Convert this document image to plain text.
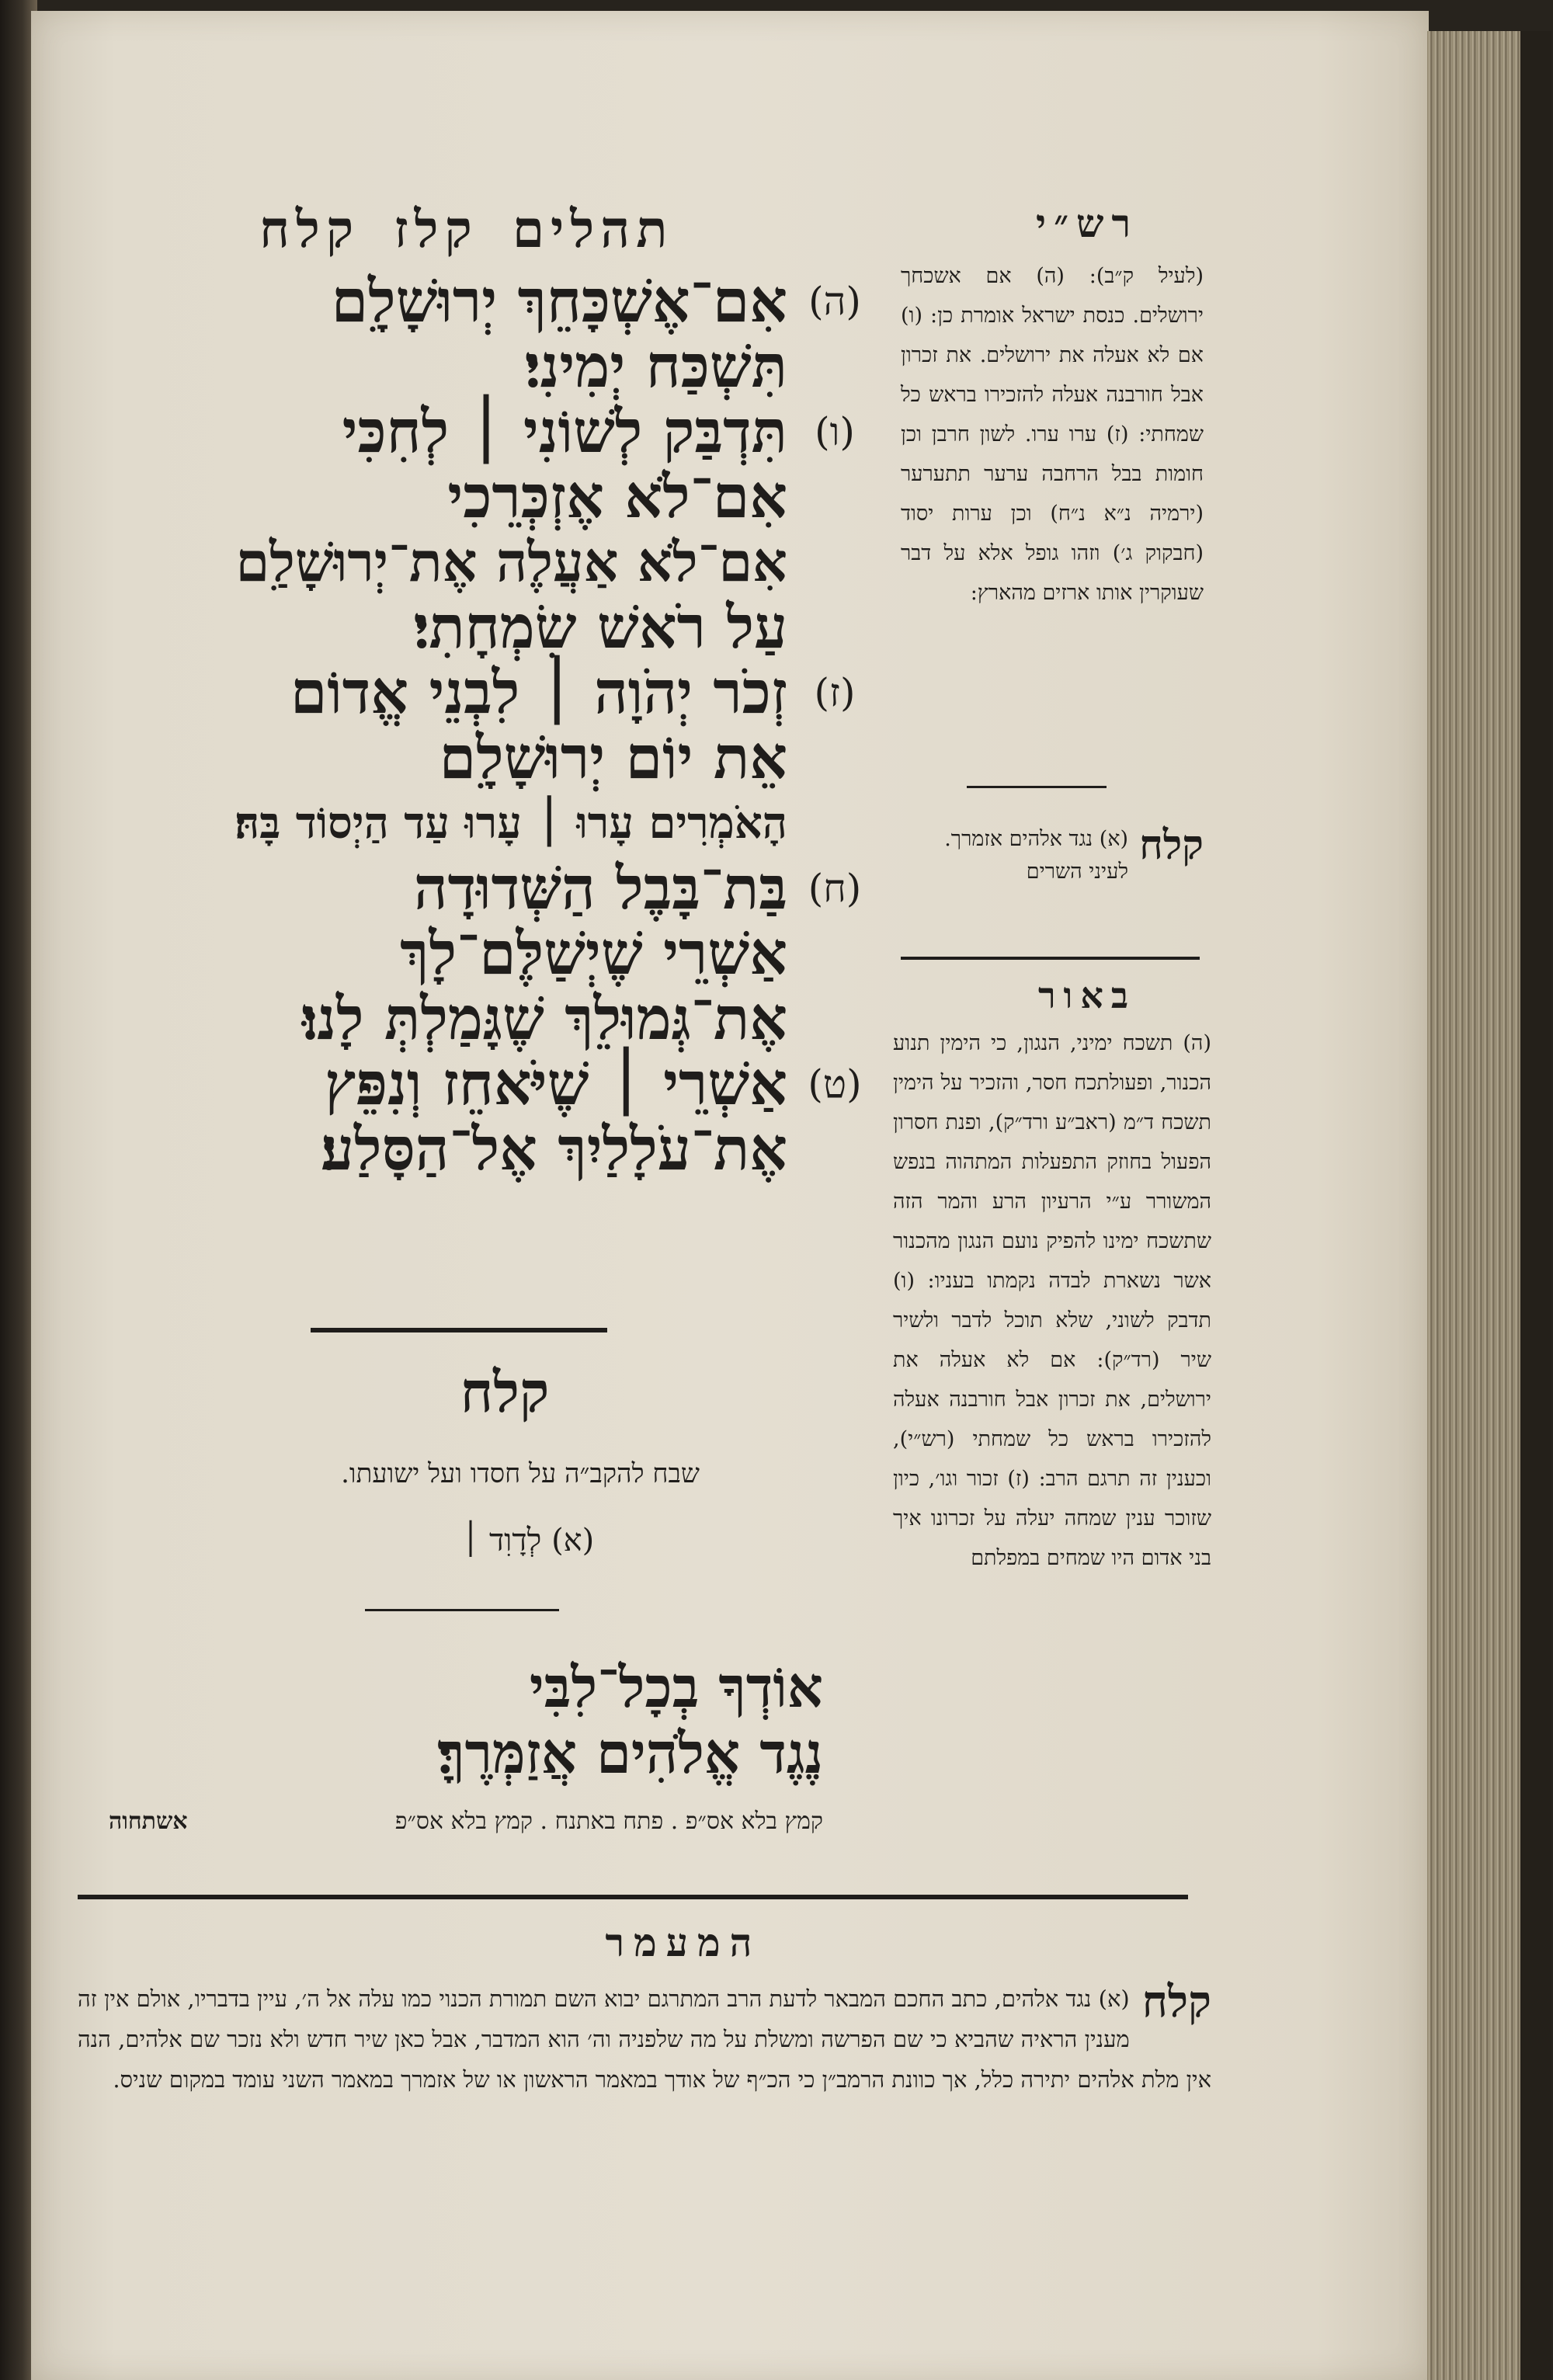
תהלים
קלז
קלח
(ה)
אִם־אֶשְׁכָּחֵךְ יְרוּשָׁלָ͏ִם
תִּשְׁכַּח יְמִינִי׃
(ו)
תִּדְבַּק לְשׁוֹנִי ׀ לְחִכִּי
אִם־לֹא אֶזְכְּרֵכִי
אִם־לֹא אַעֲלֶה אֶת־יְרוּשָׁלַ͏ִם
עַל רֹאשׁ שִׂמְחָתִי׃
(ז)
זְכֹר יְהֹוָה ׀ לִבְנֵי אֱדוֹם
אֵת יוֹם יְרוּשָׁלָ͏ִם
הָאֹמְרִים עָרוּ ׀ עָרוּ עַד הַיְסוֹד בָּהּ׃
(ח)
בַּת־בָּבֶל הַשְּׁדוּדָה
אַשְׁרֵי שֶׁיְשַׁלֶּם־לָךְ
אֶת־גְּמוּלֵךְ שֶׁגָּמַלְתְּ לָנוּ׃
(ט)
אַשְׁרֵי ׀ שֶׁיֹּאחֵז וְנִפֵּץ
אֶת־עֹלָלַיִךְ אֶל־הַסָּלַע׃
קלח
שבח להקב״ה על חסדו ועל ישועתו.
(א) לְדָוִד ׀
אוֹדְךָ בְכָל־לִבִּי
נֶגֶד אֱלֹהִים אֲזַמְּרֶךָּ׃
קמץ בלא אס״פ . פתח באתנח . קמץ בלא אס״פ
אשתחוה
רש״י
(לעיל ק״ב): (ה) אם אשכחך ירושלים. כנסת ישראל אומרת כן: (ו) אם לא אעלה את ירושלים. את זכרון אבל חורבנה אעלה להזכירו בראש כל שמחתי: (ז) ערו ערו. לשון חרבן וכן חומות בבל הרחבה ערער תתערער (ירמיה נ״א נ״ח) וכן ערות יסוד (חבקוק ג׳) וזהו גופל אלא על דבר שעוקרין אותו ארזים מהארץ:
קלח
(א) נגד אלהים אזמרך. לעיני השרים
באור
(ה) תשכח ימיני, הנגון, כי הימין תנוע הכנור, ופעולתכח חסר, והזכיר על הימין תשכח ד״מ (ראב״ע ורד״ק), ופנת חסרון הפעול בחוזק התפעלות המתהוה בנפש המשורר ע״י הרעיון הרע והמר הזה שתשכח ימינו להפיק נועם הנגון מהכנור אשר נשארת לבדה נקמתו בעניו: (ו) תדבק לשוני, שלא תוכל לדבר ולשיר שיר (רד״ק): אם לא אעלה את ירושלים, את זכרון אבל חורבנה אעלה להזכירו בראש כל שמחתי (רש״י), וכענין זה תרגם הרב: (ז) זכור וגו׳, כיון שזוכר ענין שמחה יעלה על זכרונו איך בני אדום היו שמחים במפלתם
המעמר
קלח
(א) נגד אלהים, כתב החכם המבאר לדעת הרב המתרגם יבוא השם תמורת הכנוי כמו עלה אל ה׳, עיין בדבריו, אולם אין זה מענין הראיה שהביא כי שם הפרשה ומשלת על מה שלפניה וה׳ הוא המדבר, אבל כאן שיר חדש ולא נזכר שם אלהים, הנה אין מלת אלהים יתירה כלל, אך כוונת הרמב״ן כי הכ״ף של אודך במאמר הראשון או של אזמרך במאמר השני עומד במקום שניס.
